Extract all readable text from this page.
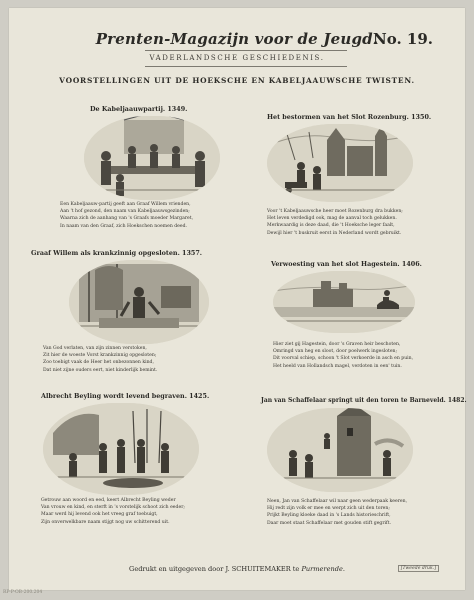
Prenten-Magazijn voor de Jeugd.
No. 19.
VADERLANDSCHE GESCHIEDENIS.
VOORSTELLINGEN UIT DE HOEKSCHE EN KABELJAAUWSCHE TWISTEN.
De Kabeljaauwpartij. 1349.
Een Kabeljaauw-partij geeft aan Graaf Willem vrienden,
Aan 't hof gezond, den naam van Kabeljaauwsgezinden;
Waarna zich de aanhang van 's Graafs moeder Margaret,
In naam van den Graaf, zich Hoekschen noemen deed.
Het bestormen van het Slot Rozenburg. 1350.
Voor 't Kabeljaauwsche heer moet Rozenburg dra bukken;
Het leven verdedigd ook, mag de aanval toch gelukken.
Merkwaardig is deze daad, die 't Hoeksche leger faalt,
Dewijl hier 't buskruit eerst in Nederland wordt gebruikt.
Graaf Willem als krankzinnig opgesloten. 1357.
Van God verlaten, van zijn zinnen verstoken,
Zit hier de woeste Vorst krankzinnig opgesloten;
Zoo toebigt vaak de Heer het onbezonnen kind,
Dat niet zijne ouders eert, niet kinderlijk bemint.
Verwoesting van het slot Hagestein. 1406.
Hier ziet gij Hagestein, door 's Graven heir beschoten,
Omringd van heg en sloot, door poelwerk ingesloten;
Dit voorval schiep, schoon 't Slot verkoerde in asch en puin,
Het heeld van Hollandsch magel, verdoten in een' tuin.
Albrecht Beyling wordt levend begraven. 1425.
Getrouw aan woord en eed, keert Albrecht Beyling weder
Van vrouw en kind, en sterft in 's vorstelijk schoot zich eeder;
Maar werd hij levend ook het vreeg graf toebuigt,
Zijn onverwelkbare naam stijgt nog uw schitterend uit.
Jan van Schaffelaar springt uit den toren te Barneveld. 1482.
Neen, Jan van Schaffelaar wil naar geen wederpaak keeren,
Hij redt zijn volk er mee en werpt zich uit den toren;
Prijkt Beyling kloeke daad in 's Lands historieschrift,
Daar moet staat Schaffelaar met gouden stift gegrift.
Gedrukt en uitgegeven door J. SCHUITEMAKER te Purmerende.	[Tweede druk.]
RP-P-OB-200.204
